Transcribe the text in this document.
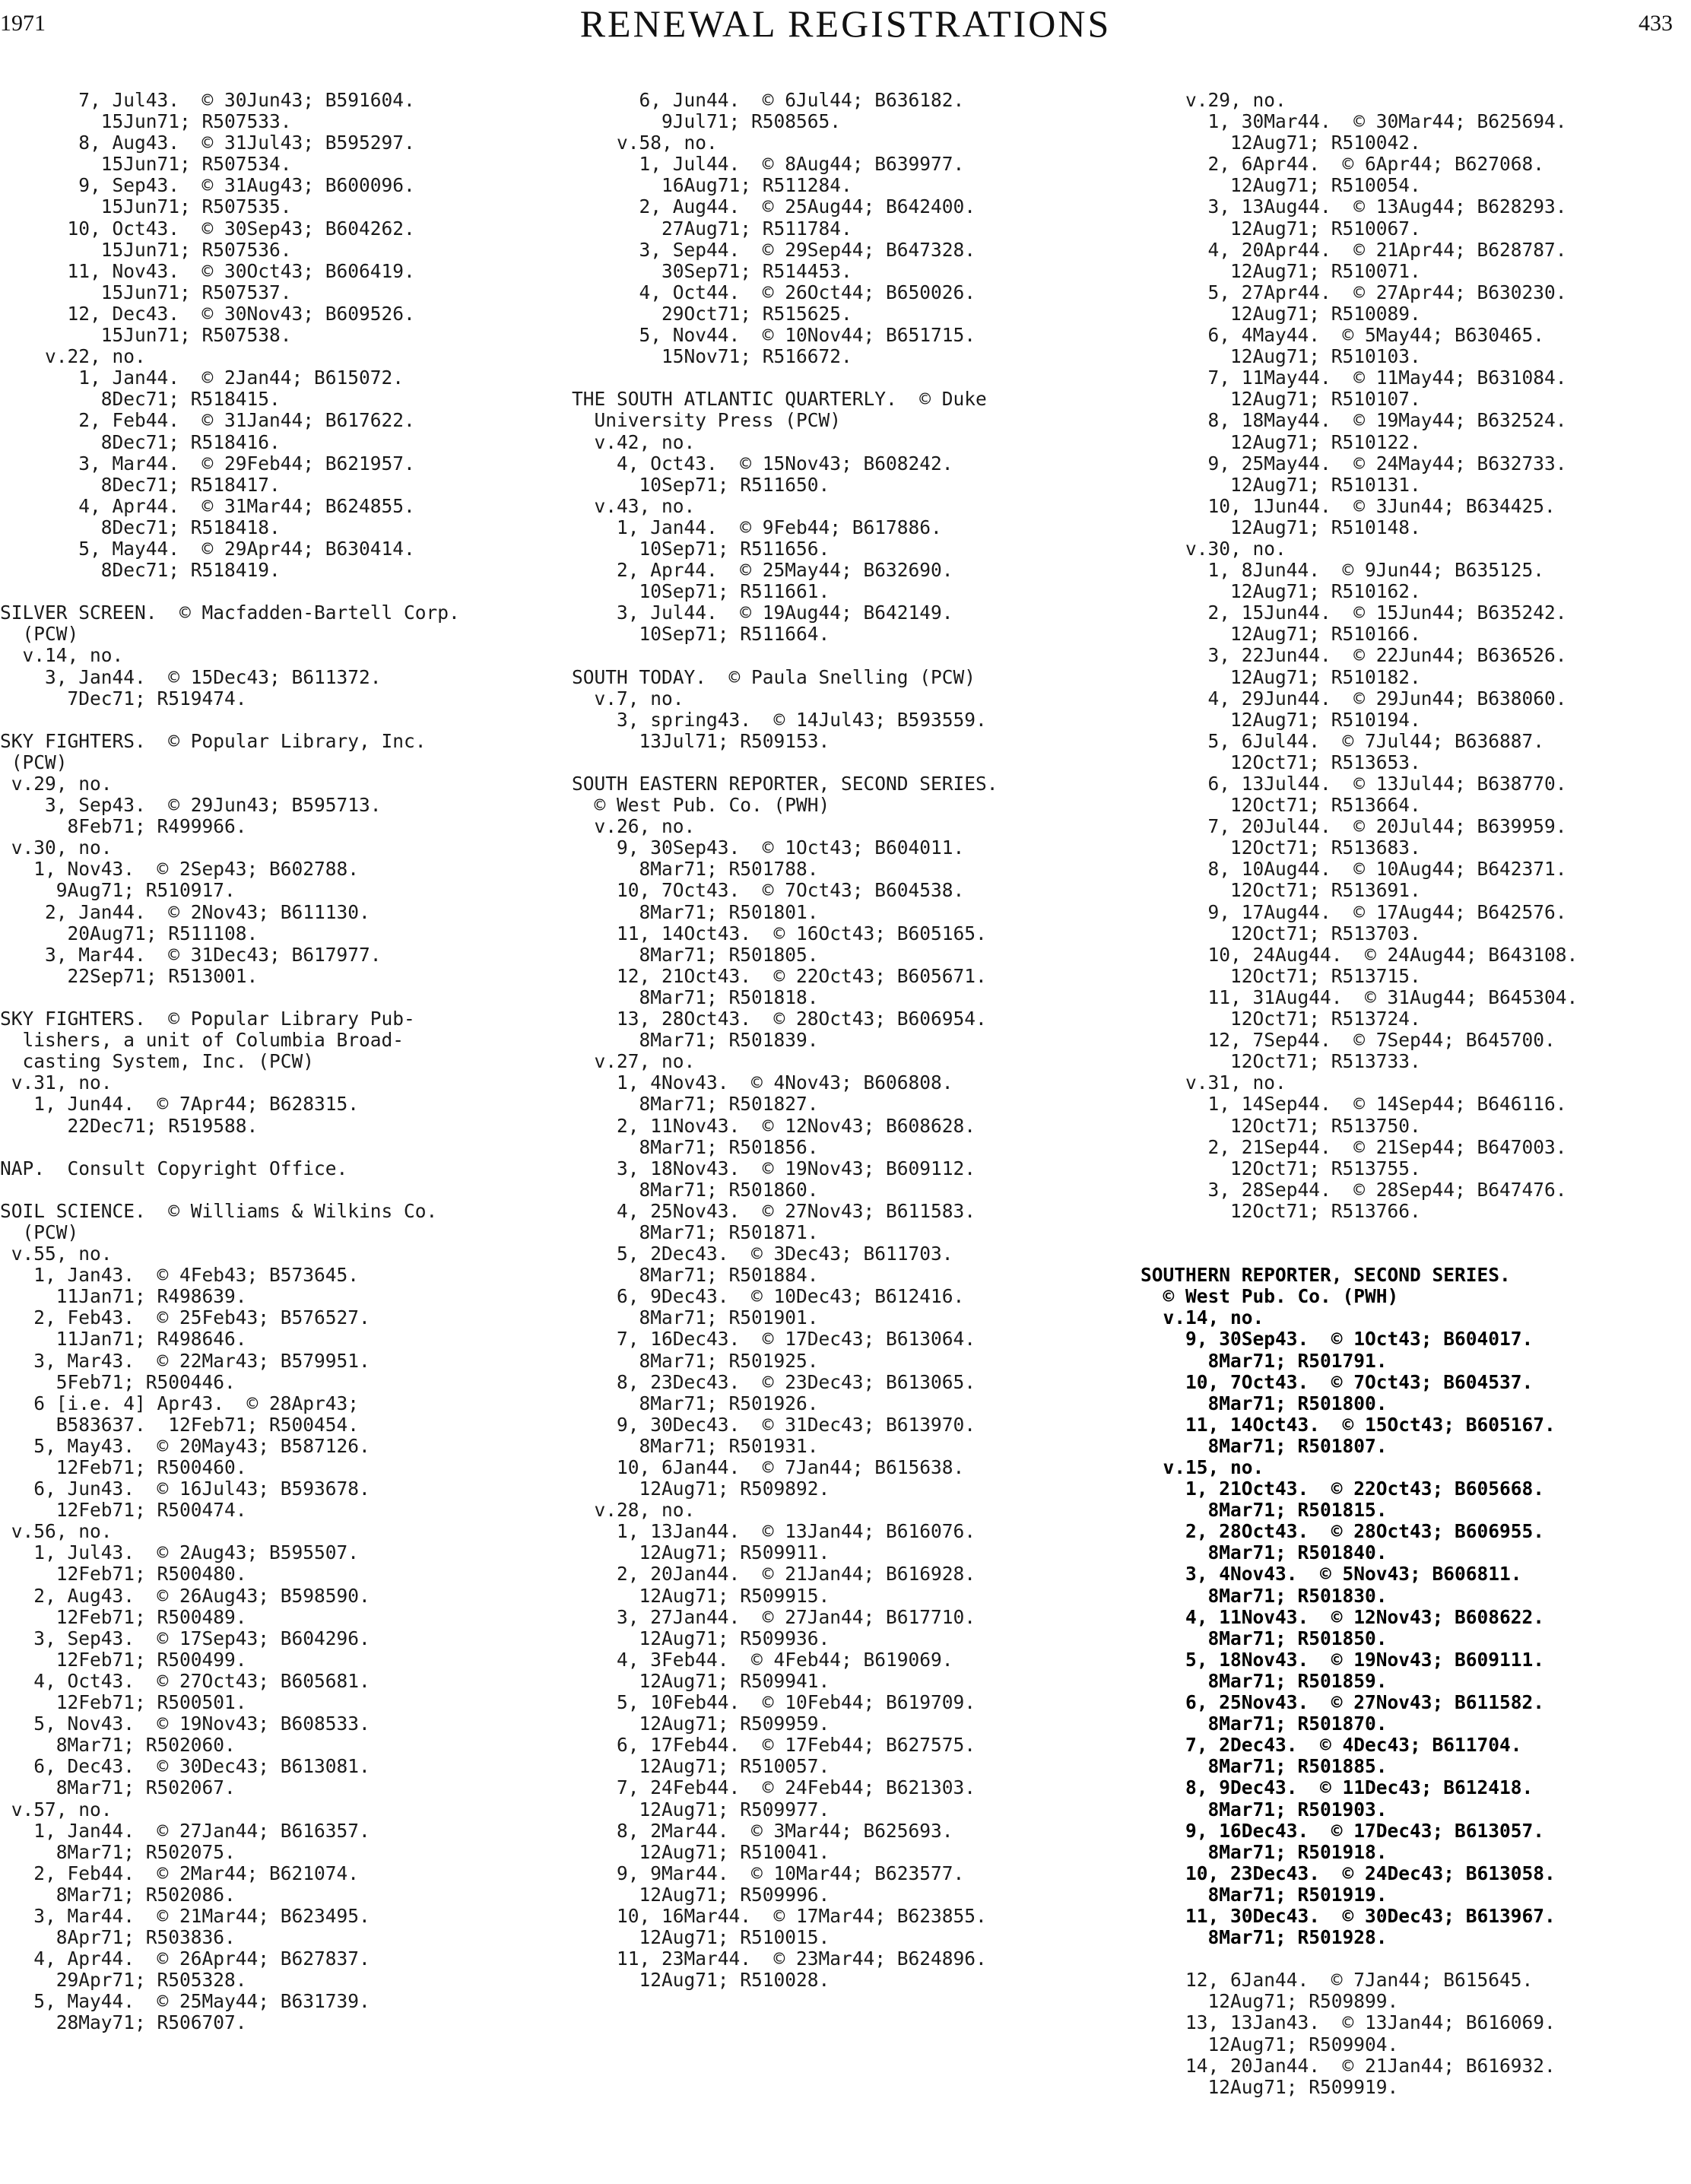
1971	RENEWAL REGISTRATIONS	433
7, Jul43.  © 30Jun43; B591604.
15Jun71; R507533.
8, Aug43.  © 31Jul43; B595297.
15Jun71; R507534.
9, Sep43.  © 31Aug43; B600096.
15Jun71; R507535.
10, Oct43.  © 30Sep43; B604262.
15Jun71; R507536.
11, Nov43.  © 30Oct43; B606419.
15Jun71; R507537.
12, Dec43.  © 30Nov43; B609526.
15Jun71; R507538.
v.22, no.
1, Jan44.  © 2Jan44; B615072.
8Dec71; R518415.
2, Feb44.  © 31Jan44; B617622.
8Dec71; R518416.
3, Mar44.  © 29Feb44; B621957.
8Dec71; R518417.
4, Apr44.  © 31Mar44; B624855.
8Dec71; R518418.
5, May44.  © 29Apr44; B630414.
8Dec71; R518419.
SILVER SCREEN.  © Macfadden-Bartell Corp.
(PCW)
v.14, no.
3, Jan44.  © 15Dec43; B611372.
7Dec71; R519474.
SKY FIGHTERS.  © Popular Library, Inc.
(PCW)
v.29, no.
3, Sep43.  © 29Jun43; B595713.
8Feb71; R499966.
v.30, no.
1, Nov43.  © 2Sep43; B602788.
9Aug71; R510917.
2, Jan44.  © 2Nov43; B611130.
20Aug71; R511108.
3, Mar44.  © 31Dec43; B617977.
22Sep71; R513001.
SKY FIGHTERS.  © Popular Library Pub-
lishers, a unit of Columbia Broad-
casting System, Inc. (PCW)
v.31, no.
1, Jun44.  © 7Apr44; B628315.
22Dec71; R519588.
NAP.  Consult Copyright Office.
SOIL SCIENCE.  © Williams & Wilkins Co.
(PCW)
v.55, no.
1, Jan43.  © 4Feb43; B573645.
11Jan71; R498639.
2, Feb43.  © 25Feb43; B576527.
11Jan71; R498646.
3, Mar43.  © 22Mar43; B579951.
5Feb71; R500446.
6 [i.e. 4] Apr43.  © 28Apr43;
B583637.  12Feb71; R500454.
5, May43.  © 20May43; B587126.
12Feb71; R500460.
6, Jun43.  © 16Jul43; B593678.
12Feb71; R500474.
v.56, no.
1, Jul43.  © 2Aug43; B595507.
12Feb71; R500480.
2, Aug43.  © 26Aug43; B598590.
12Feb71; R500489.
3, Sep43.  © 17Sep43; B604296.
12Feb71; R500499.
4, Oct43.  © 27Oct43; B605681.
12Feb71; R500501.
5, Nov43.  © 19Nov43; B608533.
8Mar71; R502060.
6, Dec43.  © 30Dec43; B613081.
8Mar71; R502067.
v.57, no.
1, Jan44.  © 27Jan44; B616357.
8Mar71; R502075.
2, Feb44.  © 2Mar44; B621074.
8Mar71; R502086.
3, Mar44.  © 21Mar44; B623495.
8Apr71; R503836.
4, Apr44.  © 26Apr44; B627837.
29Apr71; R505328.
5, May44.  © 25May44; B631739.
28May71; R506707.
6, Jun44.  © 6Jul44; B636182.
9Jul71; R508565.
v.58, no.
1, Jul44.  © 8Aug44; B639977.
16Aug71; R511284.
2, Aug44.  © 25Aug44; B642400.
27Aug71; R511784.
3, Sep44.  © 29Sep44; B647328.
30Sep71; R514453.
4, Oct44.  © 26Oct44; B650026.
29Oct71; R515625.
5, Nov44.  © 10Nov44; B651715.
15Nov71; R516672.
THE SOUTH ATLANTIC QUARTERLY.  © Duke
University Press (PCW)
v.42, no.
4, Oct43.  © 15Nov43; B608242.
10Sep71; R511650.
v.43, no.
1, Jan44.  © 9Feb44; B617886.
10Sep71; R511656.
2, Apr44.  © 25May44; B632690.
10Sep71; R511661.
3, Jul44.  © 19Aug44; B642149.
10Sep71; R511664.
SOUTH TODAY.  © Paula Snelling (PCW)
v.7, no.
3, spring43.  © 14Jul43; B593559.
13Jul71; R509153.
SOUTH EASTERN REPORTER, SECOND SERIES.
© West Pub. Co. (PWH)
v.26, no.
9, 30Sep43.  © 1Oct43; B604011.
8Mar71; R501788.
10, 7Oct43.  © 7Oct43; B604538.
8Mar71; R501801.
11, 14Oct43.  © 16Oct43; B605165.
8Mar71; R501805.
12, 21Oct43.  © 22Oct43; B605671.
8Mar71; R501818.
13, 28Oct43.  © 28Oct43; B606954.
8Mar71; R501839.
v.27, no.
1, 4Nov43.  © 4Nov43; B606808.
8Mar71; R501827.
2, 11Nov43.  © 12Nov43; B608628.
8Mar71; R501856.
3, 18Nov43.  © 19Nov43; B609112.
8Mar71; R501860.
4, 25Nov43.  © 27Nov43; B611583.
8Mar71; R501871.
5, 2Dec43.  © 3Dec43; B611703.
8Mar71; R501884.
6, 9Dec43.  © 10Dec43; B612416.
8Mar71; R501901.
7, 16Dec43.  © 17Dec43; B613064.
8Mar71; R501925.
8, 23Dec43.  © 23Dec43; B613065.
8Mar71; R501926.
9, 30Dec43.  © 31Dec43; B613970.
8Mar71; R501931.
10, 6Jan44.  © 7Jan44; B615638.
12Aug71; R509892.
v.28, no.
1, 13Jan44.  © 13Jan44; B616076.
12Aug71; R509911.
2, 20Jan44.  © 21Jan44; B616928.
12Aug71; R509915.
3, 27Jan44.  © 27Jan44; B617710.
12Aug71; R509936.
4, 3Feb44.  © 4Feb44; B619069.
12Aug71; R509941.
5, 10Feb44.  © 10Feb44; B619709.
12Aug71; R509959.
6, 17Feb44.  © 17Feb44; B627575.
12Aug71; R510057.
7, 24Feb44.  © 24Feb44; B621303.
12Aug71; R509977.
8, 2Mar44.  © 3Mar44; B625693.
12Aug71; R510041.
9, 9Mar44.  © 10Mar44; B623577.
12Aug71; R509996.
10, 16Mar44.  © 17Mar44; B623855.
12Aug71; R510015.
11, 23Mar44.  © 23Mar44; B624896.
12Aug71; R510028.
v.29, no.
1, 30Mar44.  © 30Mar44; B625694.
12Aug71; R510042.
2, 6Apr44.  © 6Apr44; B627068.
12Aug71; R510054.
3, 13Aug44.  © 13Aug44; B628293.
12Aug71; R510067.
4, 20Apr44.  © 21Apr44; B628787.
12Aug71; R510071.
5, 27Apr44.  © 27Apr44; B630230.
12Aug71; R510089.
6, 4May44.  © 5May44; B630465.
12Aug71; R510103.
7, 11May44.  © 11May44; B631084.
12Aug71; R510107.
8, 18May44.  © 19May44; B632524.
12Aug71; R510122.
9, 25May44.  © 24May44; B632733.
12Aug71; R510131.
10, 1Jun44.  © 3Jun44; B634425.
12Aug71; R510148.
v.30, no.
1, 8Jun44.  © 9Jun44; B635125.
12Aug71; R510162.
2, 15Jun44.  © 15Jun44; B635242.
12Aug71; R510166.
3, 22Jun44.  © 22Jun44; B636526.
12Aug71; R510182.
4, 29Jun44.  © 29Jun44; B638060.
12Aug71; R510194.
5, 6Jul44.  © 7Jul44; B636887.
12Oct71; R513653.
6, 13Jul44.  © 13Jul44; B638770.
12Oct71; R513664.
7, 20Jul44.  © 20Jul44; B639959.
12Oct71; R513683.
8, 10Aug44.  © 10Aug44; B642371.
12Oct71; R513691.
9, 17Aug44.  © 17Aug44; B642576.
12Oct71; R513703.
10, 24Aug44.  © 24Aug44; B643108.
12Oct71; R513715.
11, 31Aug44.  © 31Aug44; B645304.
12Oct71; R513724.
12, 7Sep44.  © 7Sep44; B645700.
12Oct71; R513733.
v.31, no.
1, 14Sep44.  © 14Sep44; B646116.
12Oct71; R513750.
2, 21Sep44.  © 21Sep44; B647003.
12Oct71; R513755.
3, 28Sep44.  © 28Sep44; B647476.
12Oct71; R513766.
SOUTHERN REPORTER, SECOND SERIES.
© West Pub. Co. (PWH)
v.14, no.
9, 30Sep43.  © 1Oct43; B604017.
8Mar71; R501791.
10, 7Oct43.  © 7Oct43; B604537.
8Mar71; R501800.
11, 14Oct43.  © 15Oct43; B605167.
8Mar71; R501807.
v.15, no.
1, 21Oct43.  © 22Oct43; B605668.
8Mar71; R501815.
2, 28Oct43.  © 28Oct43; B606955.
8Mar71; R501840.
3, 4Nov43.  © 5Nov43; B606811.
8Mar71; R501830.
4, 11Nov43.  © 12Nov43; B608622.
8Mar71; R501850.
5, 18Nov43.  © 19Nov43; B609111.
8Mar71; R501859.
6, 25Nov43.  © 27Nov43; B611582.
8Mar71; R501870.
7, 2Dec43.  © 4Dec43; B611704.
8Mar71; R501885.
8, 9Dec43.  © 11Dec43; B612418.
8Mar71; R501903.
9, 16Dec43.  © 17Dec43; B613057.
8Mar71; R501918.
10, 23Dec43.  © 24Dec43; B613058.
8Mar71; R501919.
11, 30Dec43.  © 30Dec43; B613967.
8Mar71; R501928.
12, 6Jan44.  © 7Jan44; B615645.
12Aug71; R509899.
13, 13Jan43.  © 13Jan44; B616069.
12Aug71; R509904.
14, 20Jan44.  © 21Jan44; B616932.
12Aug71; R509919.
